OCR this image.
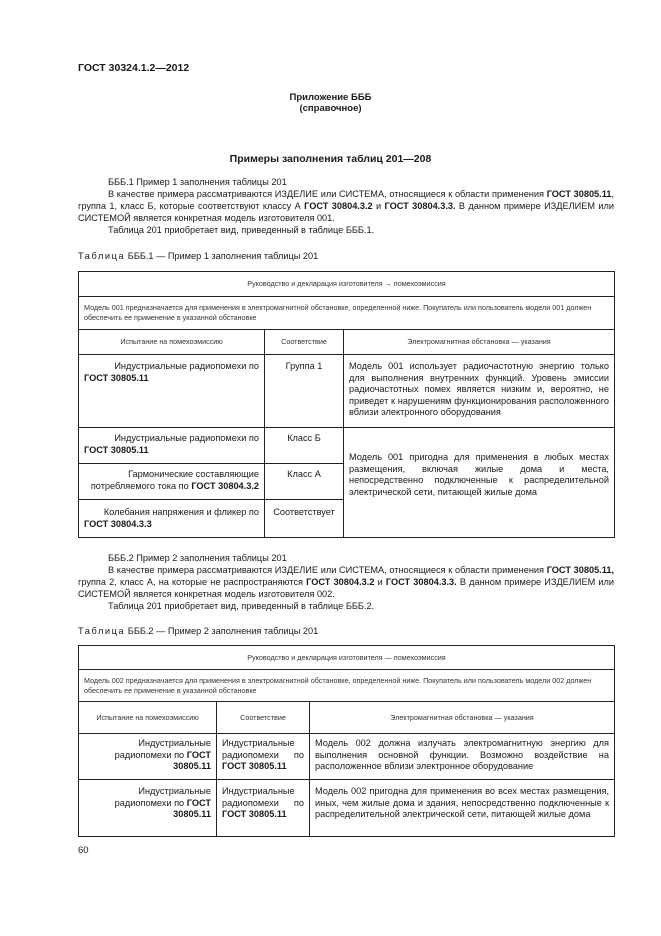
ГОСТ 30324.1.2—2012
Приложение БББ
(справочное)
Примеры заполнения таблиц 201—208
БББ.1 Пример 1 заполнения таблицы 201
В качестве примера рассматриваются ИЗДЕЛИЕ или СИСТЕМА, относящиеся к области применения ГОСТ 30805.11, группа 1, класс Б, которые соответствуют классу А ГОСТ 30804.3.2 и ГОСТ 30804.3.3. В данном примере ИЗДЕЛИЕМ или СИСТЕМОЙ является конкретная модель изготовителя 001.
Таблица 201 приобретает вид, приведенный в таблице БББ.1.
Таблица БББ.1 — Пример 1 заполнения таблицы 201
Руководство и декларация изготовителя → помехоэмиссия		
Модель 001 предназначается для применения в электромагнитной обстановке, определенной ниже. Покупатель или пользователь модели 001 должен обеспечить ее применение в указанной обстановке		
Испытание на помехоэмиссию	Соответствие	Электромагнитная обстановка — указания
Индустриальные радиопомехи по
ГОСТ 30805.11	Группа 1	Модель 001 использует радиочастотную энергию только для выполнения внутренних функций. Уровень эмиссии радиочастотных помех является низким и, вероятно, не приведет к нарушениям функционирования расположенного вблизи электронного оборудования
Индустриальные радиопомехи по

ГОСТ 30805.11	Класс Б	Модель 001 пригодна для применения в любых местах размещения, включая жилые дома и места, непосредственно подключенные к распределительной электрической сети, питающей жилые дома
Гармонические составляющие потребляемого тока по ГОСТ 30804.3.2	Класс А	
Колебания напряжения и фликер по

ГОСТ 30804.3.3	Соответствует	
БББ.2 Пример 2 заполнения таблицы 201
В качестве примера рассматриваются ИЗДЕЛИЕ или СИСТЕМА, относящиеся к области применения ГОСТ 30805.11, группа 2, класс А, на которые не распространяются ГОСТ 30804.3.2 и ГОСТ 30804.3.3. В данном примере ИЗДЕЛИЕМ или СИСТЕМОЙ является конкретная модель изготовителя 002.
Таблица 201 приобретает вид, приведенный в таблице БББ.2.
Таблица БББ.2 — Пример 2 заполнения таблицы 201
Руководство и декларация изготовителя — помехоэмиссия		
Модель 002 предназначается для применения в электромагнитной обстановке, определенной ниже. Покупатель или пользователь модели 002 должен обеспечить ее применение в указанной обстановке		
Испытание на помехоэмиссию	Соответствие	Электромагнитная обстановка — указания
Индустриальные радиопомехи по ГОСТ 30805.11	Индустриальные радиопомехи по ГОСТ 30805.11	Модель 002 должна излучать электромагнитную энергию для выполнения основной функции. Возможно воздействие на расположенное вблизи электронное оборудование
Индустриальные радиопомехи по ГОСТ 30805.11	Индустриальные радиопомехи по ГОСТ 30805.11	Модель 002 пригодна для применения во всех местах размещения, иных, чем жилые дома и здания, непосредственно подключенные к распределительной электрической сети, питающей жилые дома
60
